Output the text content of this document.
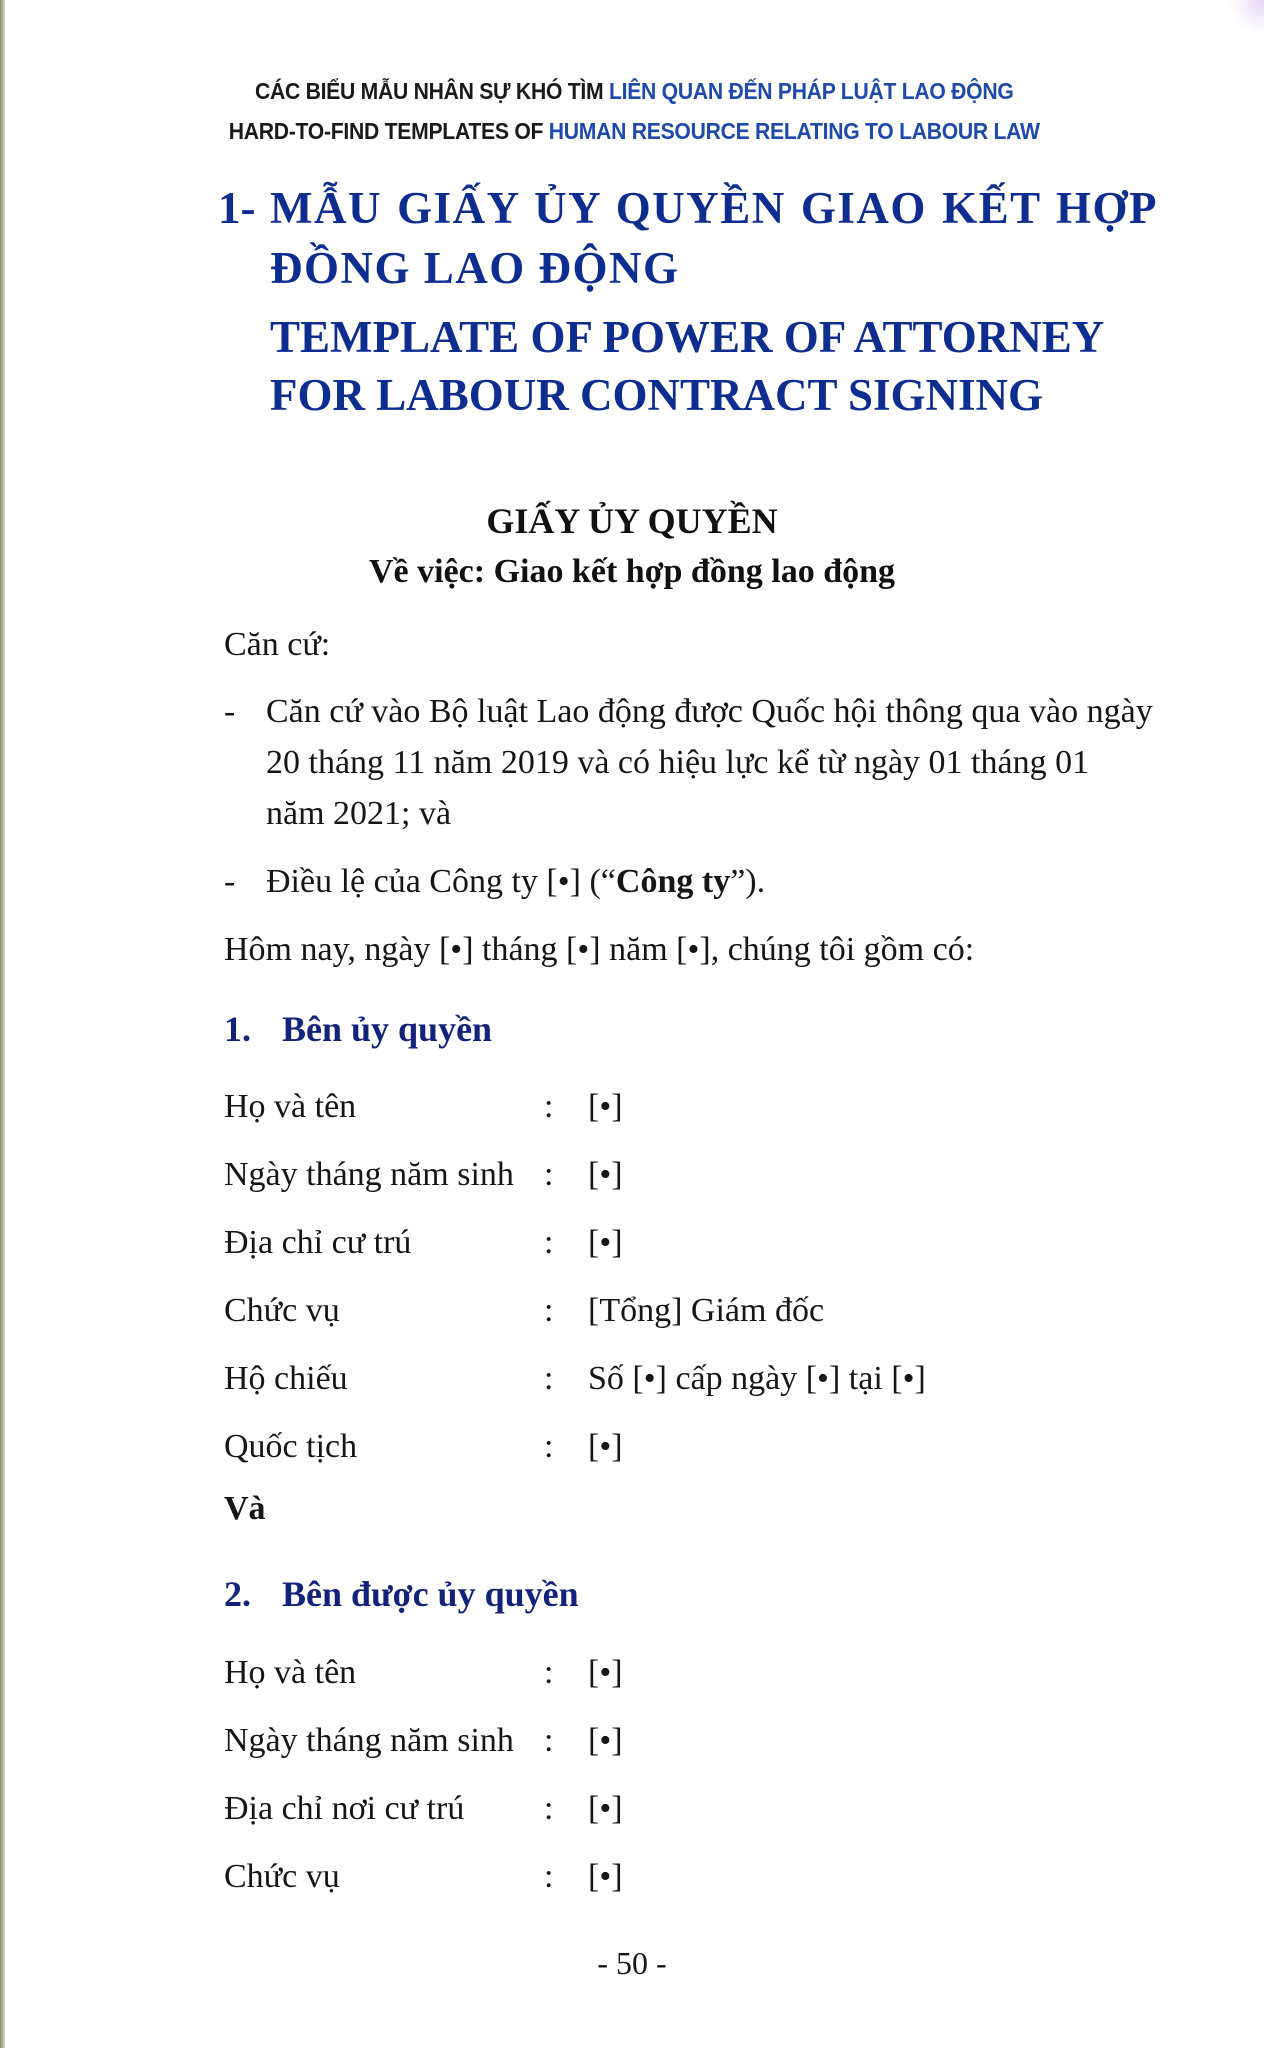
CÁC BIỂU MẪU NHÂN SỰ KHÓ TÌM LIÊN QUAN ĐẾN PHÁP LUẬT LAO ĐỘNG
HARD-TO-FIND TEMPLATES OF HUMAN RESOURCE RELATING TO LABOUR LAW
1- MẪU GIẤY ỦY QUYỀN GIAO KẾT HỢP ĐỒNG LAO ĐỘNG
TEMPLATE OF POWER OF ATTORNEY FOR LABOUR CONTRACT SIGNING
GIẤY ỦY QUYỀN
Về việc: Giao kết hợp đồng lao động
Căn cứ:
- Căn cứ vào Bộ luật Lao động được Quốc hội thông qua vào ngày 20 tháng 11 năm 2019 và có hiệu lực kể từ ngày 01 tháng 01 năm 2021; và
- Điều lệ của Công ty [•] (“Công ty”).
Hôm nay, ngày [•] tháng [•] năm [•], chúng tôi gồm có:
1. Bên ủy quyền
Họ và tên	: [•]
Ngày tháng năm sinh : [•]
Địa chỉ cư trú	: [•]
Chức vụ	: [Tổng] Giám đốc
Hộ chiếu	: Số [•] cấp ngày [•] tại [•]
Quốc tịch	: [•]
Và
2. Bên được ủy quyền
Họ và tên	: [•]
Ngày tháng năm sinh : [•]
Địa chỉ nơi cư trú : [•]
Chức vụ	: [•]
- 50 -
